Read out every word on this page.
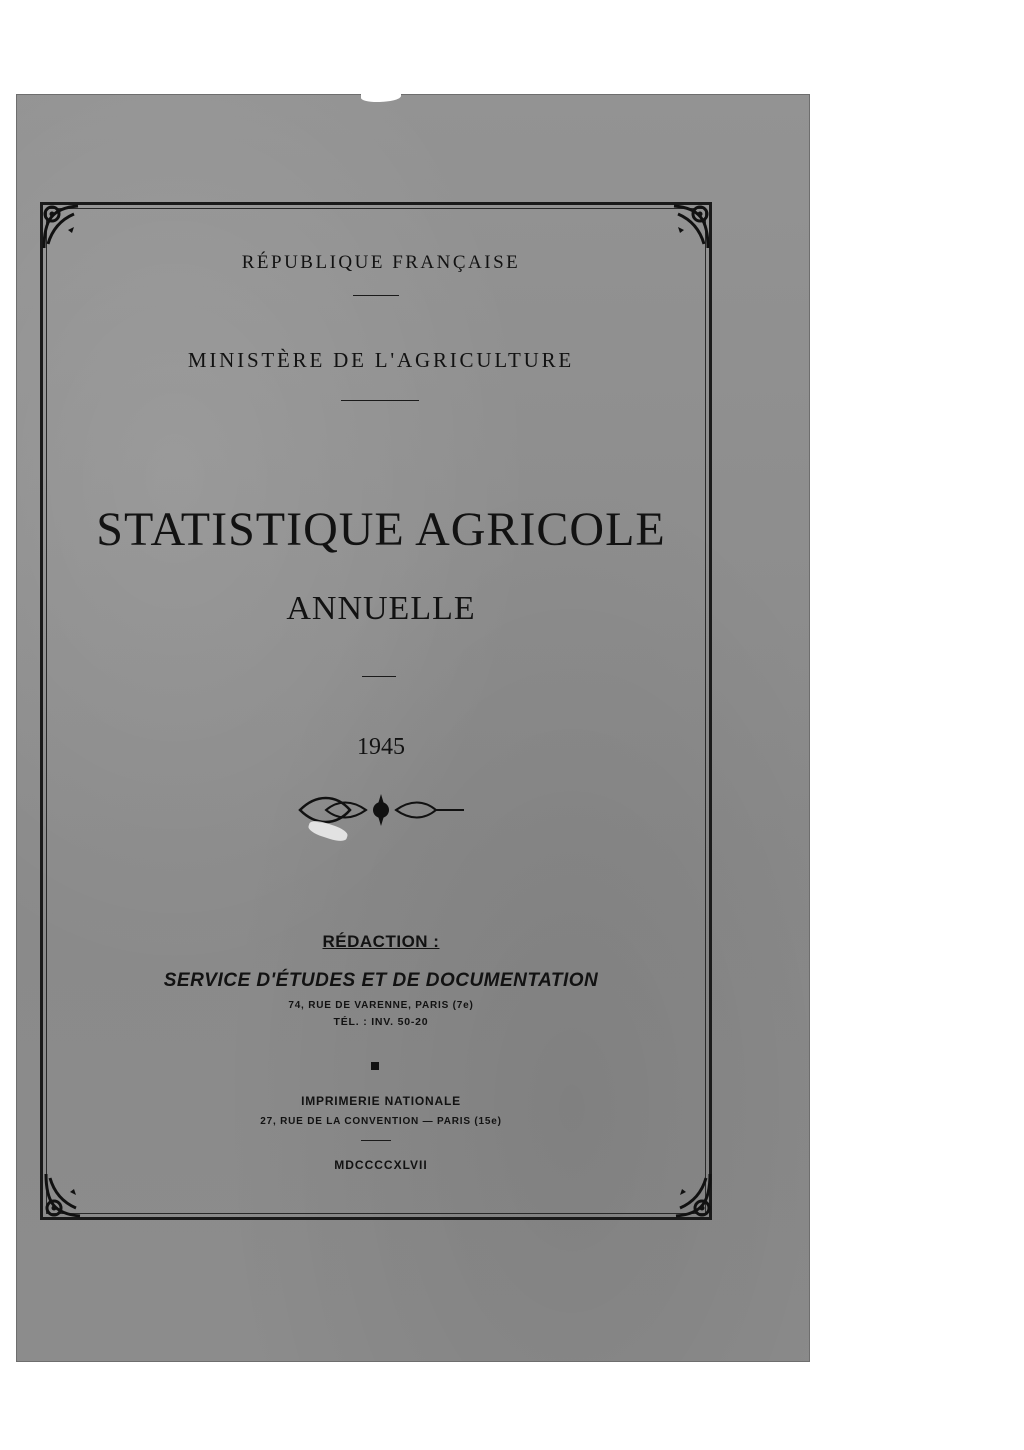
RÉPUBLIQUE FRANÇAISE
MINISTÈRE DE L'AGRICULTURE
STATISTIQUE AGRICOLE
ANNUELLE
1945
RÉDACTION :
SERVICE D'ÉTUDES ET DE DOCUMENTATION
74, RUE DE VARENNE, PARIS (7e)
TÉL. : INV. 50-20
IMPRIMERIE NATIONALE
27, RUE DE LA CONVENTION — PARIS (15e)
MDCCCCXLVII
